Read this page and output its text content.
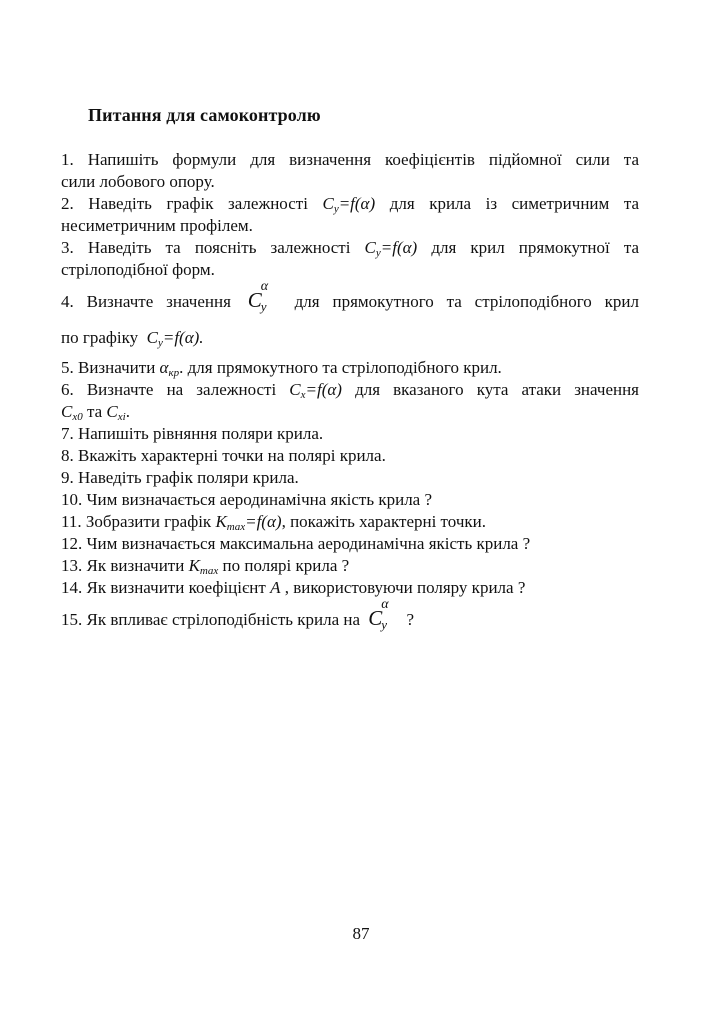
Питання для самоконтролю
1. Напишіть формули для визначення коефіцієнтів підйомної сили та
сили лобового опору.
2. Наведіть графік залежності $C_y=f(\alpha)$ для крила із симетричним та
несиметричним профілем.
3. Наведіть та поясніть залежності $C_y=f(\alpha)$ для крил прямокутної та
стрілоподібної форм.
4. Визначте значення C
α
y для прямокутного та стрілоподібного крил
по графіку $C_y=f(\alpha)$.
5. Визначити $\alpha_{кр}$. для прямокутного та стрілоподібного крил.
6. Визначте на залежності $C_x=f(\alpha)$ для вказаного кута атаки значення
$C_{x0}$ та $C_{xi}$.
7. Напишіть рівняння поляри крила.
8. Вкажіть характерні точки на полярі крила.
9. Наведіть графік поляри крила.
10. Чим визначається аеродинамічна якість крила ?
11. Зобразити графік $K_{max}=f(\alpha)$, покажіть характерні точки.
12. Чим визначається максимальна аеродинамічна якість крила ?
13. Як визначити $K_{max}$ по полярі крила ?
14. Як визначити коефіцієнт A , використовуючи поляру крила ?
15. Як впливає стрілоподібність крила на C
α
y ?
87
